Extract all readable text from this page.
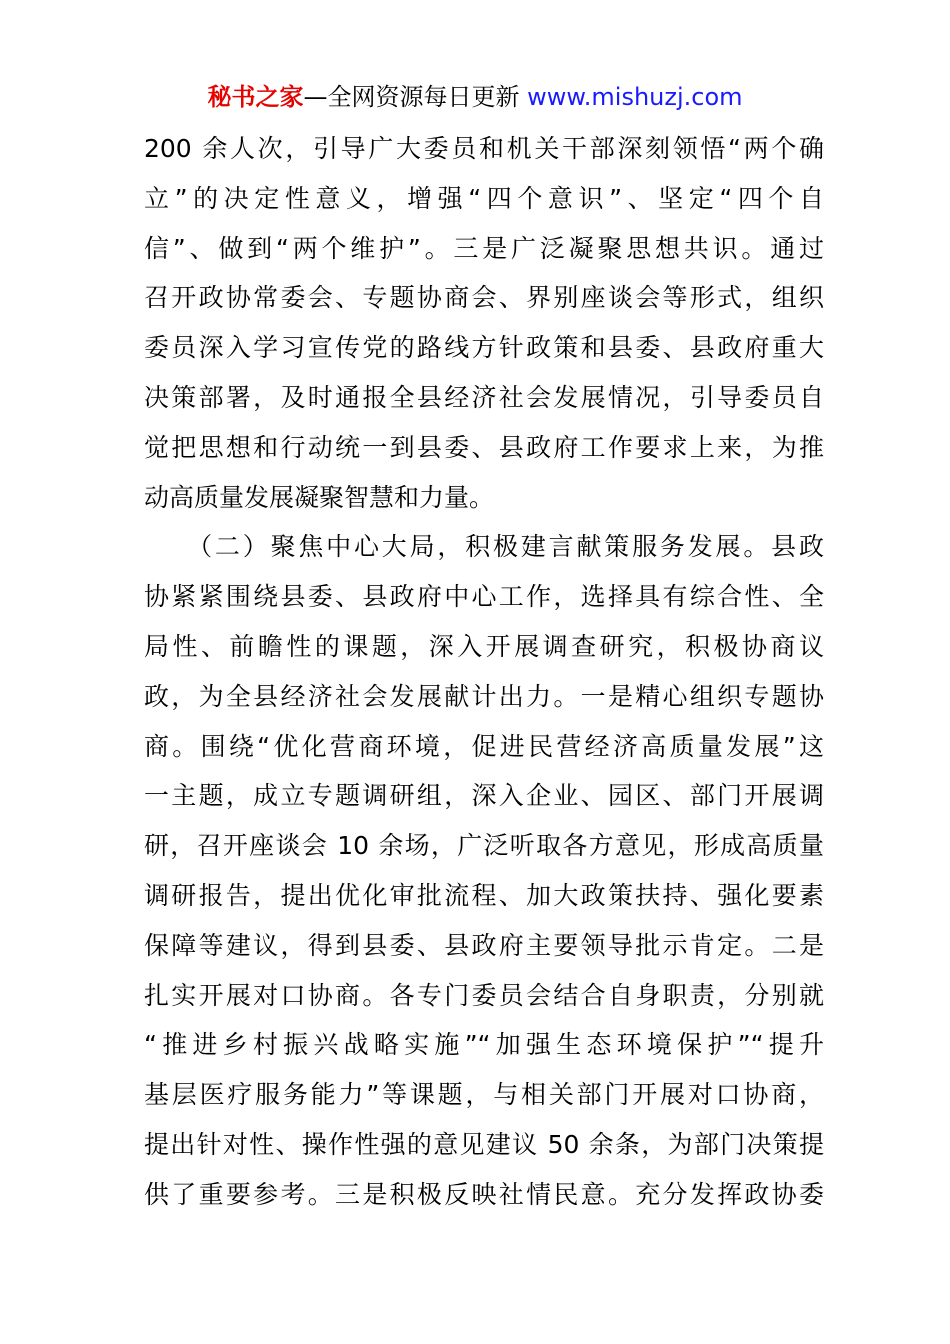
秘书之家—全网资源每日更新 www.mishuzj.com
200 余人次，引导广大委员和机关干部深刻领悟“两个确
立”的决定性意义，增强“四个意识”、坚定“四个自
信”、做到“两个维护”。三是广泛凝聚思想共识。通过
召开政协常委会、专题协商会、界别座谈会等形式，组织
委员深入学习宣传党的路线方针政策和县委、县政府重大
决策部署，及时通报全县经济社会发展情况，引导委员自
觉把思想和行动统一到县委、县政府工作要求上来，为推
动高质量发展凝聚智慧和力量。
　　（二）聚焦中心大局，积极建言献策服务发展。县政
协紧紧围绕县委、县政府中心工作，选择具有综合性、全
局性、前瞻性的课题，深入开展调查研究，积极协商议
政，为全县经济社会发展献计出力。一是精心组织专题协
商。围绕“优化营商环境，促进民营经济高质量发展”这
一主题，成立专题调研组，深入企业、园区、部门开展调
研，召开座谈会 10 余场，广泛听取各方意见，形成高质量
调研报告，提出优化审批流程、加大政策扶持、强化要素
保障等建议，得到县委、县政府主要领导批示肯定。二是
扎实开展对口协商。各专门委员会结合自身职责，分别就
“推进乡村振兴战略实施”“加强生态环境保护”“提升
基层医疗服务能力”等课题，与相关部门开展对口协商，
提出针对性、操作性强的意见建议 50 余条，为部门决策提
供了重要参考。三是积极反映社情民意。充分发挥政协委
